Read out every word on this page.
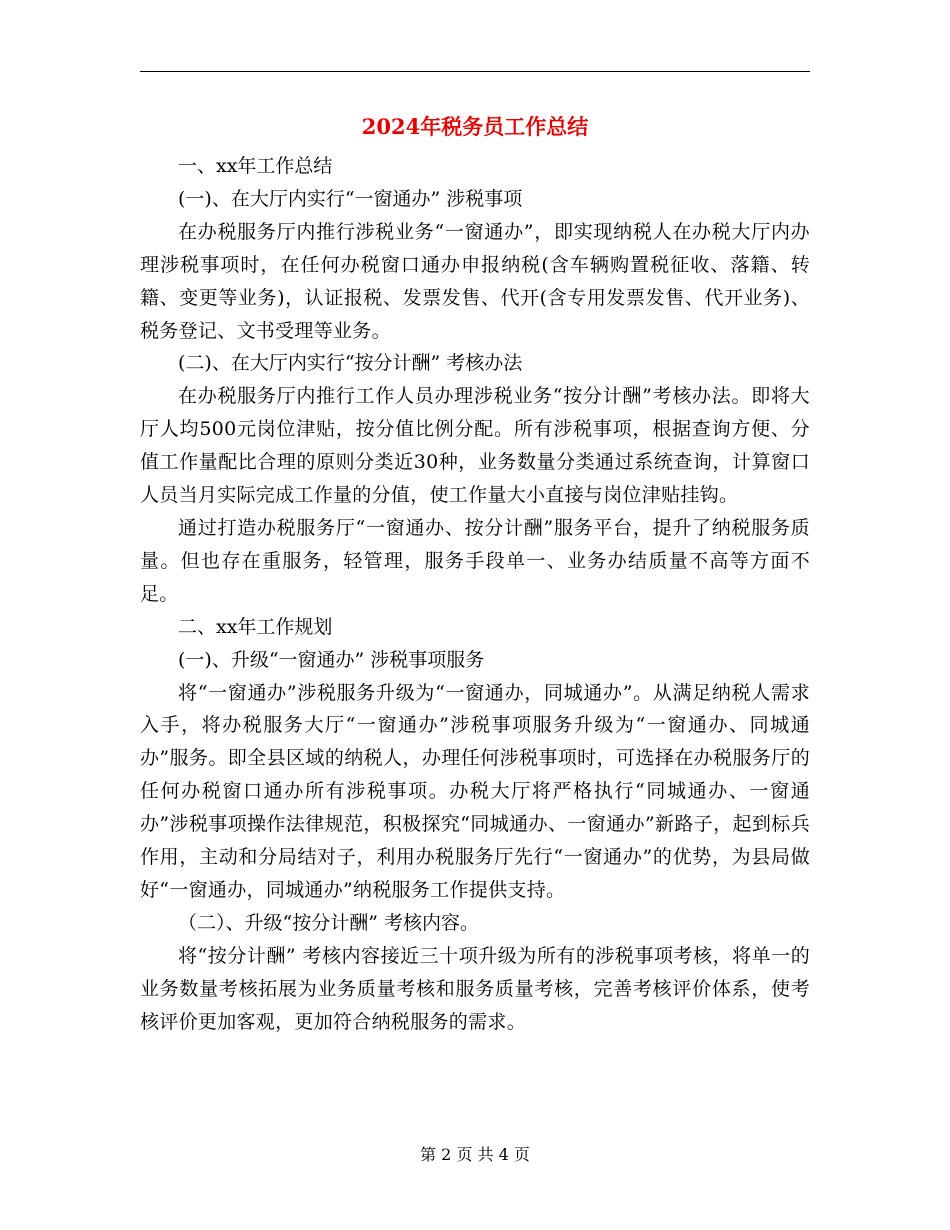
2024年税务员工作总结

一、xx年工作总结

(一)、在大厅内实行“一窗通办” 涉税事项

在办税服务厅内推行涉税业务“一窗通办”，即实现纳税人在办税大厅内办理涉税事项时，在任何办税窗口通办申报纳税(含车辆购置税征收、落籍、转籍、变更等业务)，认证报税、发票发售、代开(含专用发票发售、代开业务)、税务登记、文书受理等业务。

(二)、在大厅内实行“按分计酬” 考核办法

在办税服务厅内推行工作人员办理涉税业务“按分计酬”考核办法。即将大厅人均500元岗位津贴，按分值比例分配。所有涉税事项，根据查询方便、分值工作量配比合理的原则分类近30种，业务数量分类通过系统查询，计算窗口人员当月实际完成工作量的分值，使工作量大小直接与岗位津贴挂钩。

通过打造办税服务厅“一窗通办、按分计酬”服务平台，提升了纳税服务质量。但也存在重服务，轻管理，服务手段单一、业务办结质量不高等方面不足。

二、xx年工作规划

(一)、升级“一窗通办” 涉税事项服务

将“一窗通办”涉税服务升级为“一窗通办，同城通办”。从满足纳税人需求入手，将办税服务大厅“一窗通办”涉税事项服务升级为“一窗通办、同城通办”服务。即全县区域的纳税人，办理任何涉税事项时，可选择在办税服务厅的任何办税窗口通办所有涉税事项。办税大厅将严格执行“同城通办、一窗通办”涉税事项操作法律规范，积极探究“同城通办、一窗通办”新路子，起到标兵作用，主动和分局结对子，利用办税服务厅先行“一窗通办”的优势，为县局做好“一窗通办，同城通办”纳税服务工作提供支持。

（二）、升级“按分计酬” 考核内容。

将“按分计酬” 考核内容接近三十项升级为所有的涉税事项考核，将单一的业务数量考核拓展为业务质量考核和服务质量考核，完善考核评价体系，使考核评价更加客观，更加符合纳税服务的需求。

第 2 页 共 4 页
